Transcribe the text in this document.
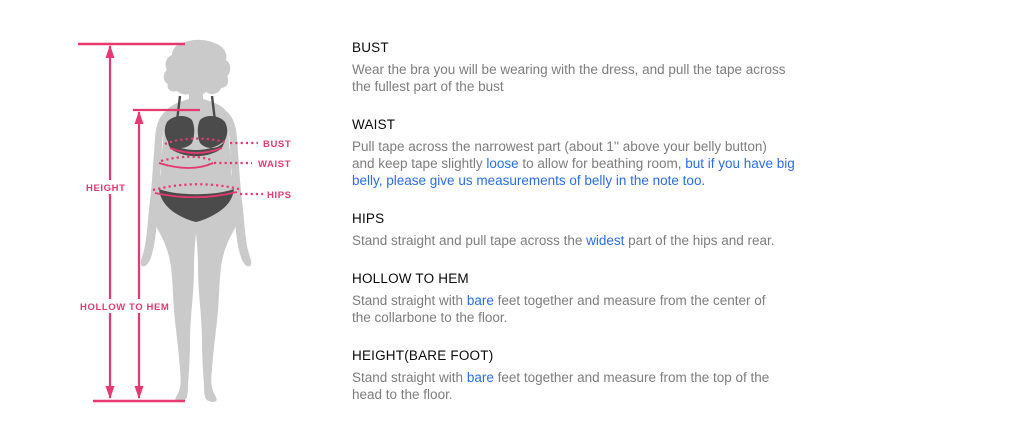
BUST
WAIST
HIPS
HEIGHT
HOLLOW TO HEM
BUST
Wear the bra you will be wearing with the dress, and pull the tape across
the fullest part of the bust
WAIST
Pull tape across the narrowest part (about 1'' above your belly button)
and keep tape slightly loose to allow for beathing room, but if you have big
belly, please give us measurements of belly in the note too.
HIPS
Stand straight and pull tape across the widest part of the hips and rear.
HOLLOW TO HEM
Stand straight with bare feet together and measure from the center of
the collarbone to the floor.
HEIGHT(BARE FOOT)
Stand straight with bare feet together and measure from the top of the
head to the floor.
